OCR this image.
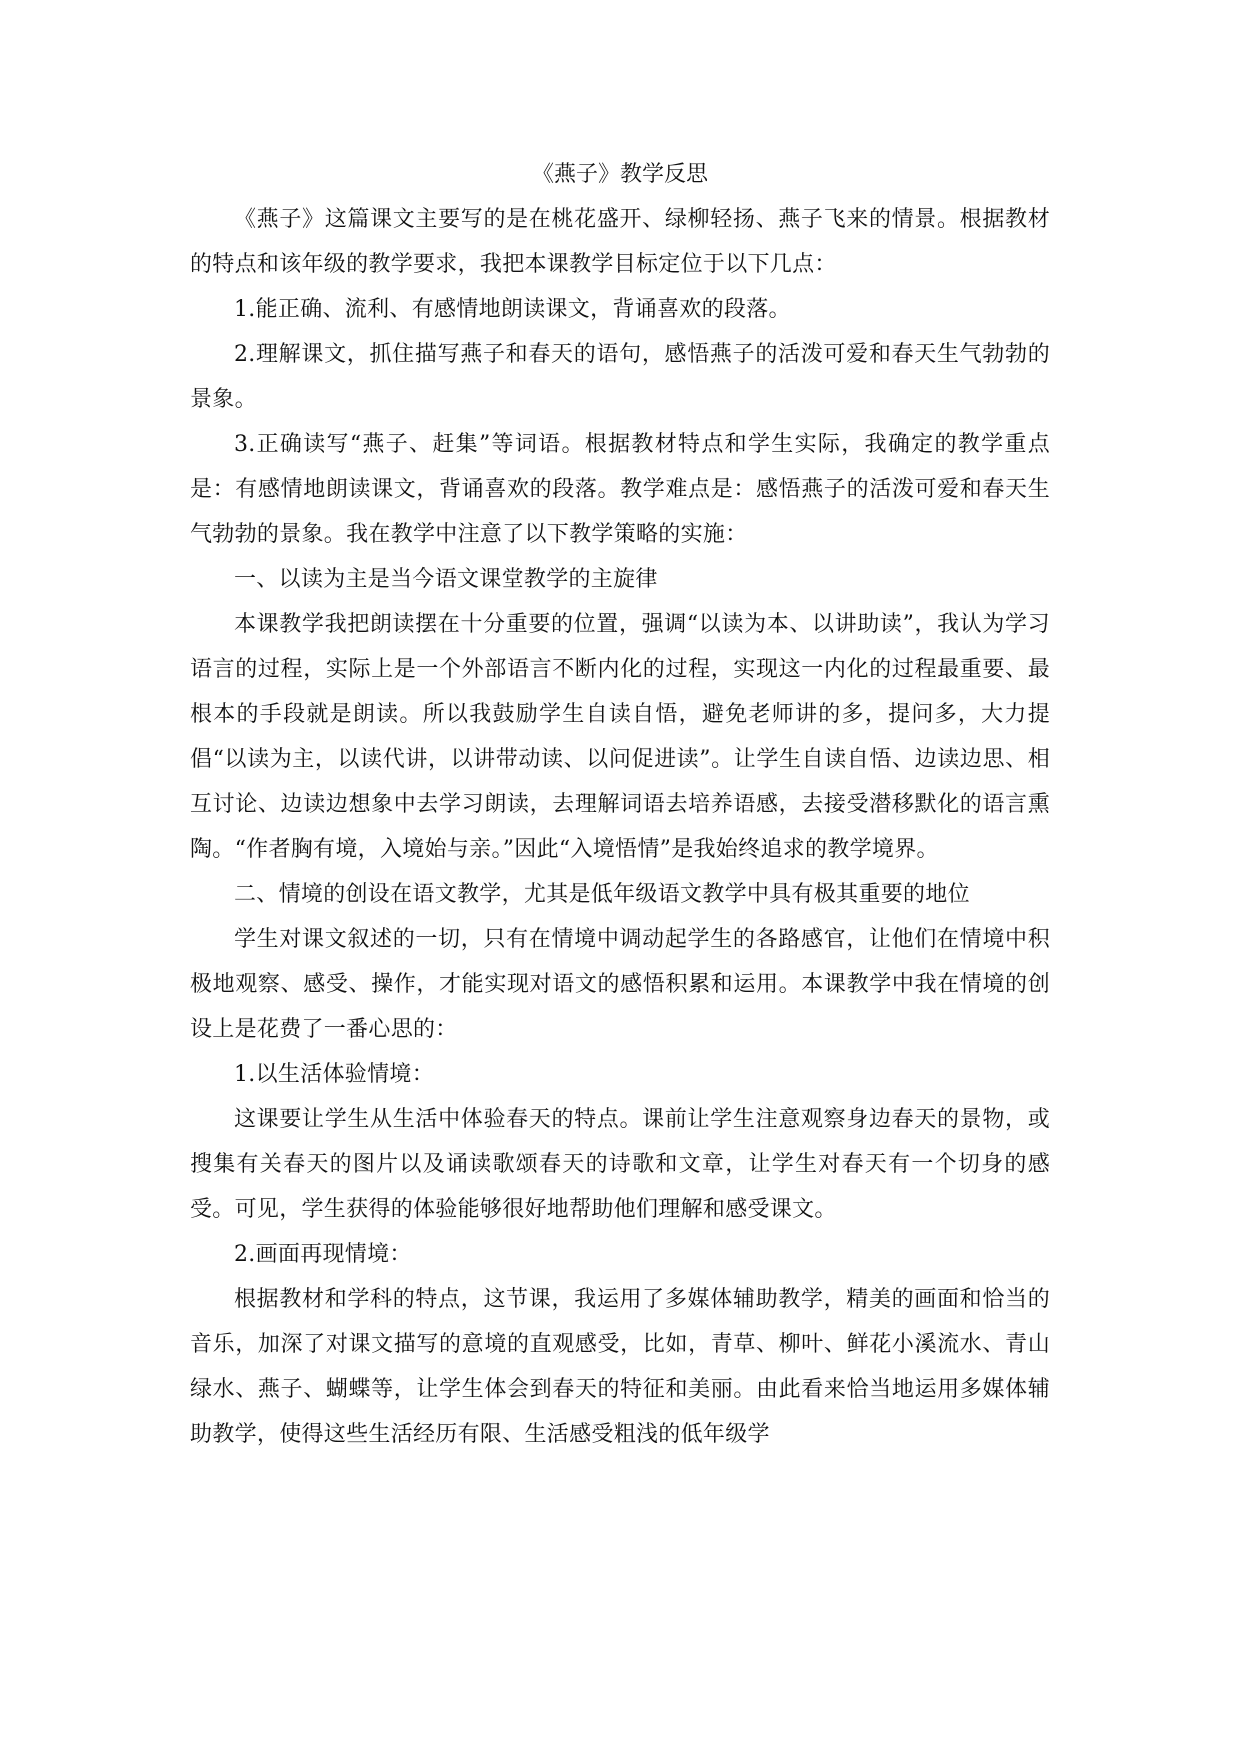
《燕子》教学反思

《燕子》这篇课文主要写的是在桃花盛开、绿柳轻扬、燕子飞来的情景。根据教材的特点和该年级的教学要求，我把本课教学目标定位于以下几点：

1.能正确、流利、有感情地朗读课文，背诵喜欢的段落。

2.理解课文，抓住描写燕子和春天的语句，感悟燕子的活泼可爱和春天生气勃勃的景象。

3.正确读写“燕子、赶集”等词语。根据教材特点和学生实际，我确定的教学重点是：有感情地朗读课文，背诵喜欢的段落。教学难点是：感悟燕子的活泼可爱和春天生气勃勃的景象。我在教学中注意了以下教学策略的实施：

一、以读为主是当今语文课堂教学的主旋律

本课教学我把朗读摆在十分重要的位置，强调“以读为本、以讲助读”，我认为学习语言的过程，实际上是一个外部语言不断内化的过程，实现这一内化的过程最重要、最根本的手段就是朗读。所以我鼓励学生自读自悟，避免老师讲的多，提问多，大力提倡“以读为主，以读代讲，以讲带动读、以问促进读”。让学生自读自悟、边读边思、相互讨论、边读边想象中去学习朗读，去理解词语去培养语感，去接受潜移默化的语言熏陶。“作者胸有境，入境始与亲。”因此“入境悟情”是我始终追求的教学境界。

二、情境的创设在语文教学，尤其是低年级语文教学中具有极其重要的地位

学生对课文叙述的一切，只有在情境中调动起学生的各路感官，让他们在情境中积极地观察、感受、操作，才能实现对语文的感悟积累和运用。本课教学中我在情境的创设上是花费了一番心思的：

1.以生活体验情境：

这课要让学生从生活中体验春天的特点。课前让学生注意观察身边春天的景物，或搜集有关春天的图片以及诵读歌颂春天的诗歌和文章，让学生对春天有一个切身的感受。可见，学生获得的体验能够很好地帮助他们理解和感受课文。

2.画面再现情境：

根据教材和学科的特点，这节课，我运用了多媒体辅助教学，精美的画面和恰当的音乐，加深了对课文描写的意境的直观感受，比如，青草、柳叶、鲜花小溪流水、青山绿水、燕子、蝴蝶等，让学生体会到春天的特征和美丽。由此看来恰当地运用多媒体辅助教学，使得这些生活经历有限、生活感受粗浅的低年级学
